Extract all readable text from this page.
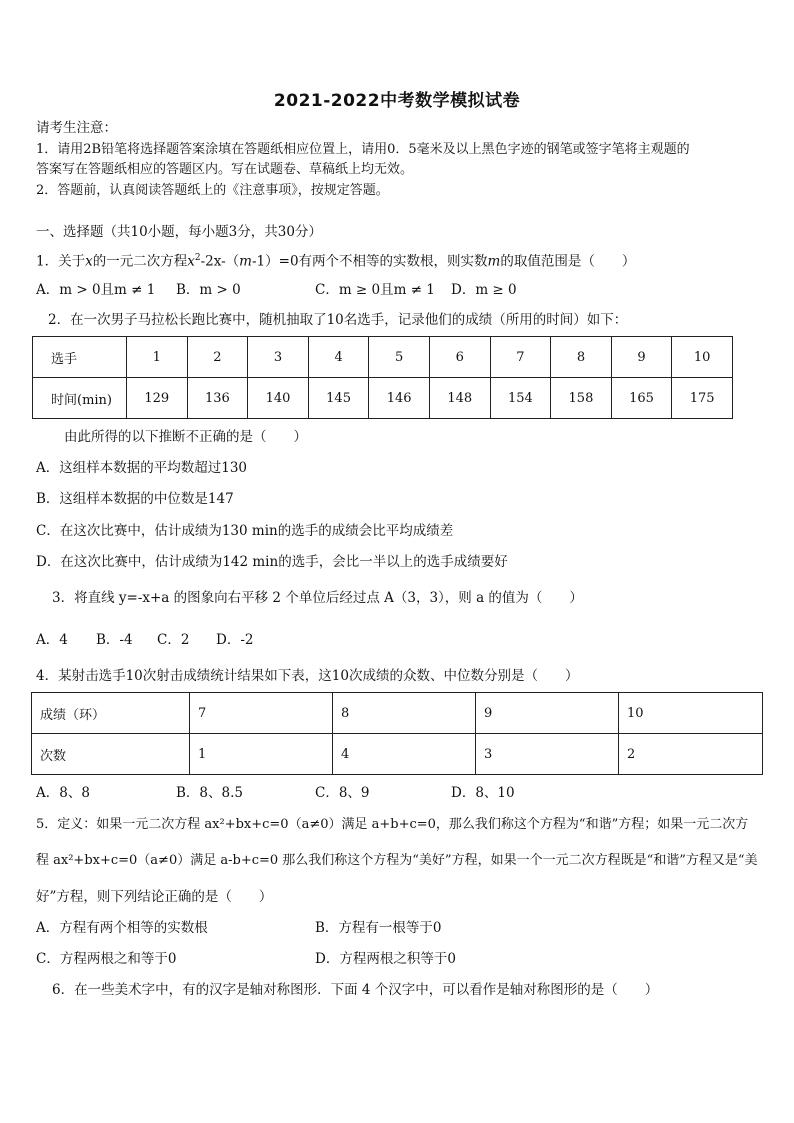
2021-2022中考数学模拟试卷
请考生注意：
1．请用2B铅笔将选择题答案涂填在答题纸相应位置上，请用0．5毫米及以上黑色字迹的钢笔或签字笔将主观题的
答案写在答题纸相应的答题区内。写在试题卷、草稿纸上均无效。
2．答题前，认真阅读答题纸上的《注意事项》，按规定答题。
一、选择题（共10小题，每小题3分，共30分）
1．关于x的一元二次方程$x^2-2x-(m-1)=0$有两个不相等的实数根，则实数m的取值范围是（　　）
A．m > 0且m ≠ 1 B．m > 0	C．m ≥ 0且m ≠ 1 D．m ≥ 0
2．在一次男子马拉松长跑比赛中，随机抽取了10名选手，记录他们的成绩（所用的时间）如下：
选手	1	2	3	4	5	6	7	8	9	10
时间(min)	129	136	140	145	146	148	154	158	165	175
由此所得的以下推断不正确的是（　　）
A．这组样本数据的平均数超过130
B．这组样本数据的中位数是147
C．在这次比赛中，估计成绩为130 min的选手的成绩会比平均成绩差
D．在这次比赛中，估计成绩为142 min的选手，会比一半以上的选手成绩要好
3．将直线 y=-x+a 的图象向右平移 2 个单位后经过点 A（3，3），则 a 的值为（　　）
A．4 B．-4 C．2 D．-2
4．某射击选手10次射击成绩统计结果如下表，这10次成绩的众数、中位数分别是（　　）
成绩（环）	7	8	9	10
次数	1	4	3	2
A．8、8	B．8、8.5	C．8、9	D．8、10
5．定义：如果一元二次方程 ax²+bx+c=0（a≠0）满足 a+b+c=0，那么我们称这个方程为“和谐”方程；如果一元二次方
程 ax²+bx+c=0（a≠0）满足 a-b+c=0 那么我们称这个方程为“美好”方程，如果一个一元二次方程既是“和谐”方程又是“美
好”方程，则下列结论正确的是（　　）
A．方程有两个相等的实数根	B．方程有一根等于0
C．方程两根之和等于0	D．方程两根之积等于0
6．在一些美术字中，有的汉字是轴对称图形．下面 4 个汉字中，可以看作是轴对称图形的是（　　）
